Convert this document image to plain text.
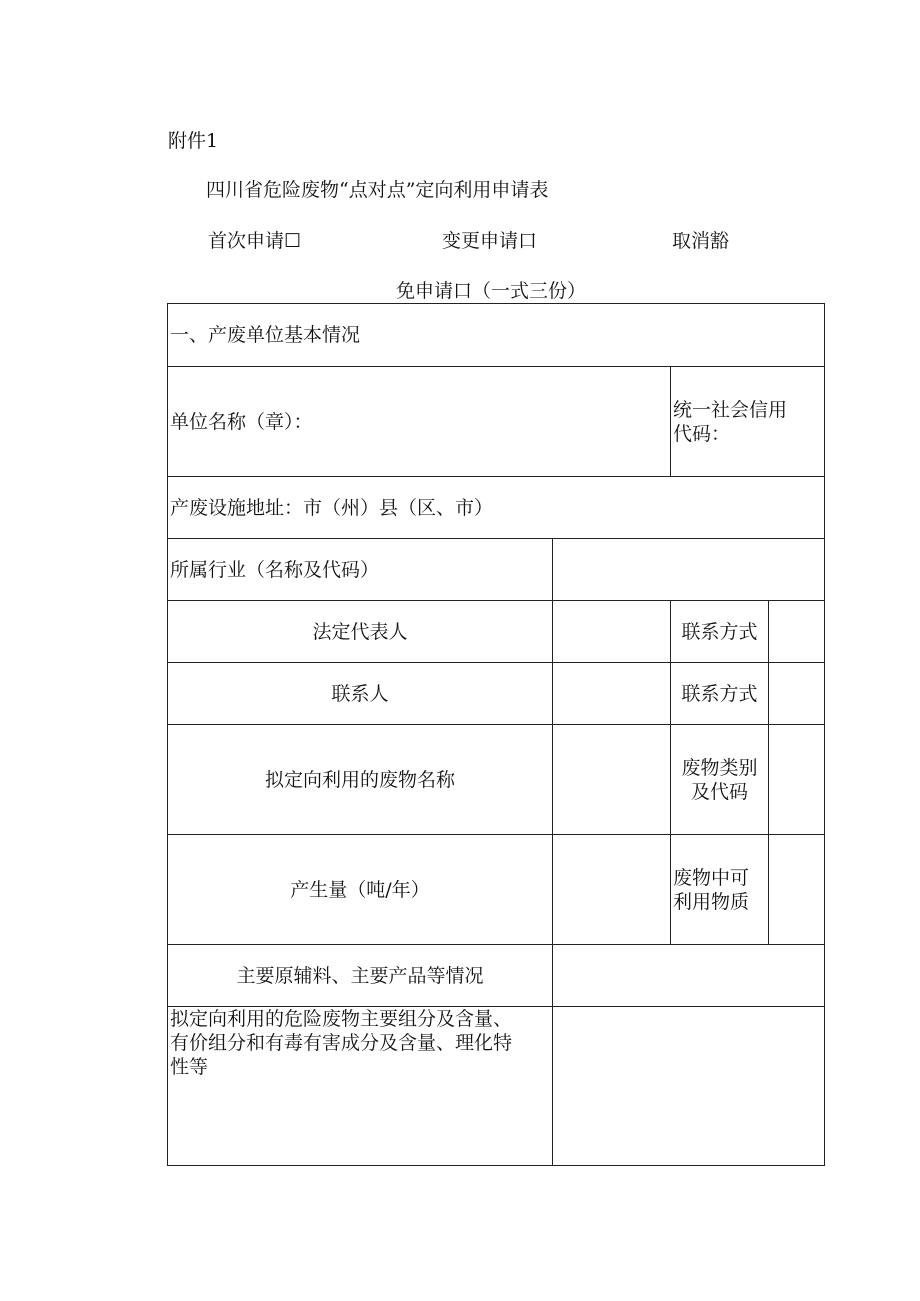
附件1
四川省危险废物“点对点”定向利用申请表
首次申请☐	变更申请口	取消豁
免申请口（一式三份）
一、产废单位基本情况			
单位名称（章）：		统一社会信用
代码：	
产废设施地址：市（州）县（区、市）			
所属行业（名称及代码）			
法定代表人		联系方式	
联系人		联系方式	
拟定向利用的废物名称		废物类别
及代码	
产生量（吨/年）		废物中可
利用物质	
主要原辅料、主要产品等情况			
拟定向利用的危险废物主要组分及含量、
有价组分和有毒有害成分及含量、理化特
性等			
